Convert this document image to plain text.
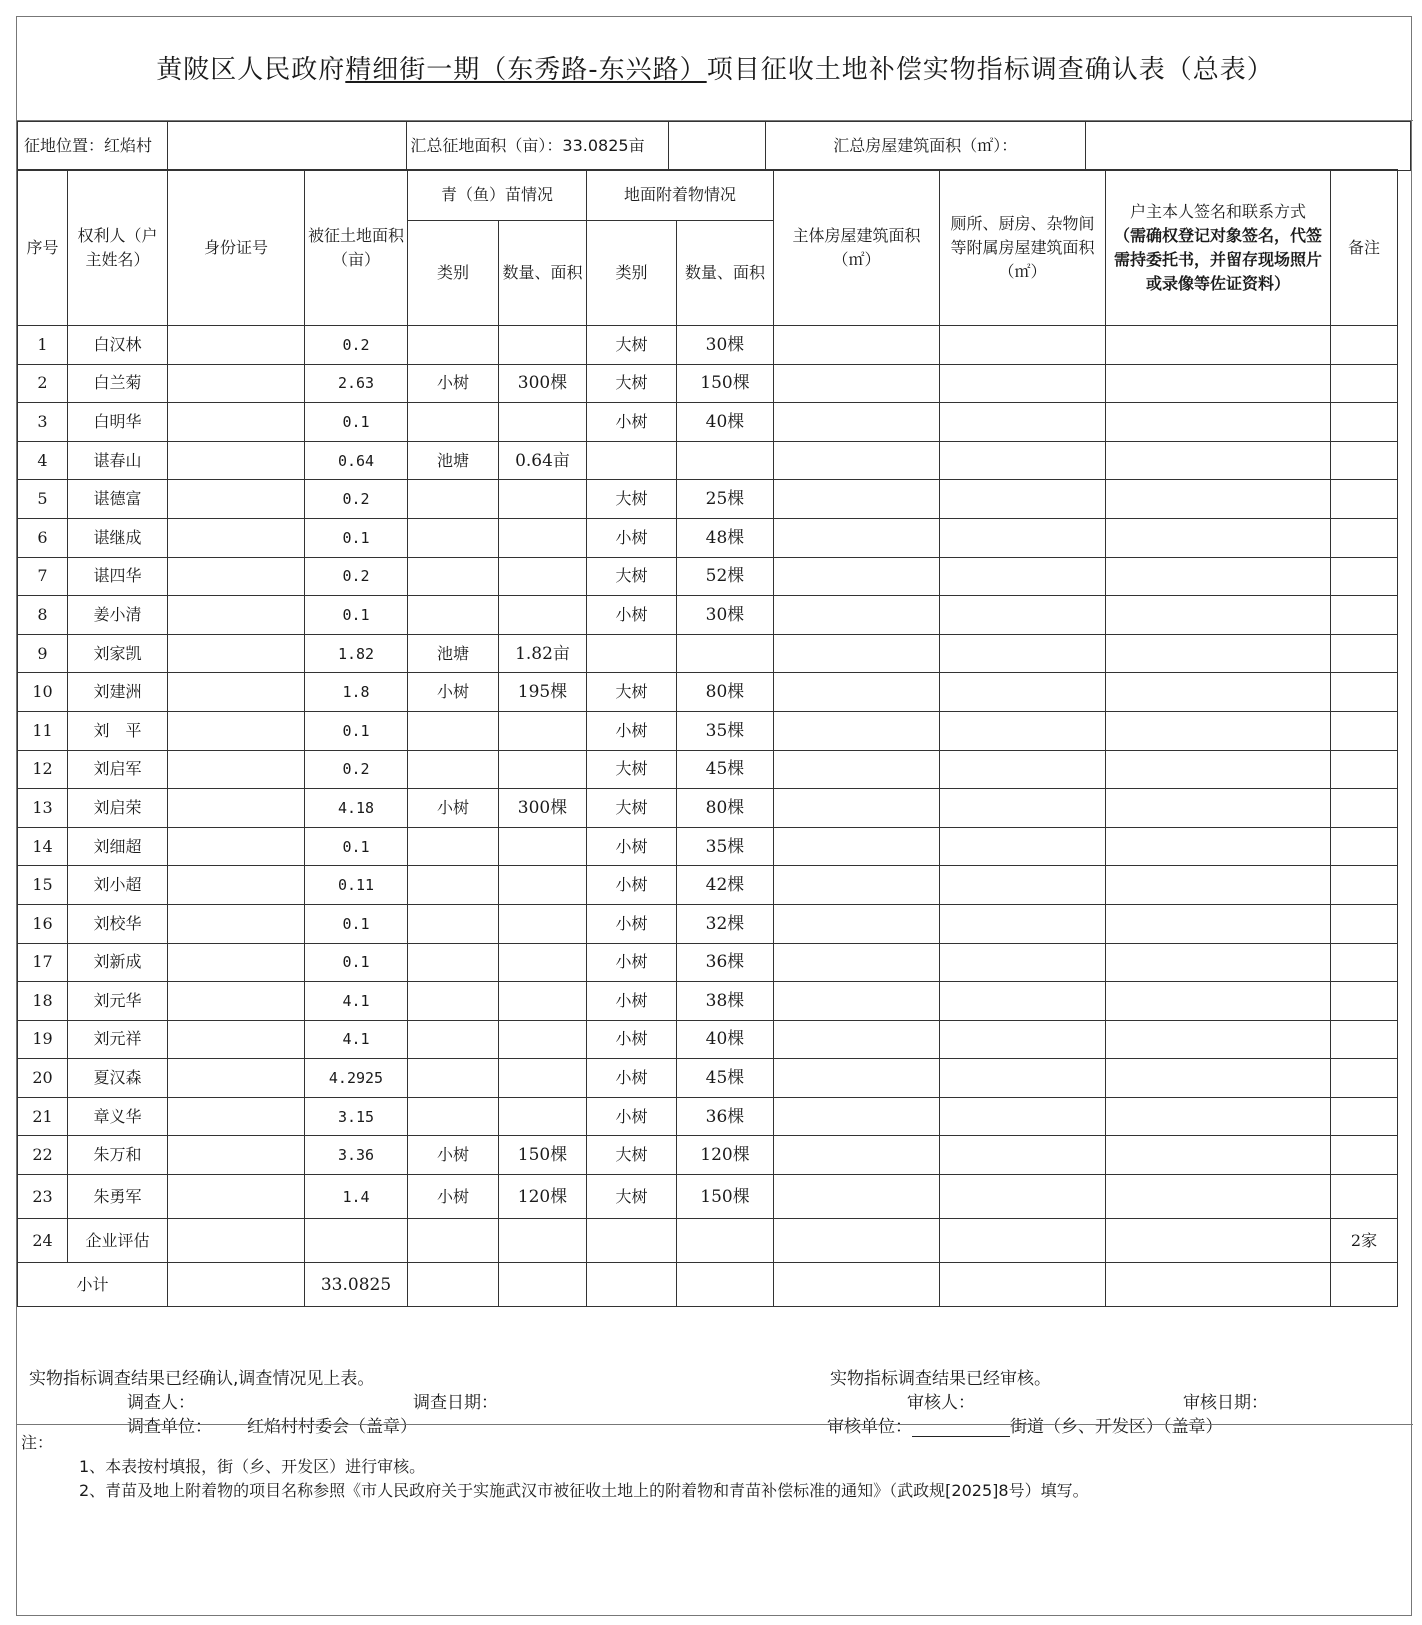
黄陂区人民政府精细街一期（东秀路-东兴路）项目征收土地补偿实物指标调查确认表（总表）
征地位置：红焰村		汇总征地面积（亩）：33.0825亩		汇总房屋建筑面积（㎡）：	
序号	权利人（户主姓名）	身份证号	被征土地面积（亩）	青（鱼）苗情况		地面附着物情况		主体房屋建筑面积（㎡）	厕所、厨房、杂物间等附属房屋建筑面积（㎡）	户主本人签名和联系方式
（需确权登记对象签名，代签需持委托书，并留存现场照片或录像等佐证资料）	备注
				类别	数量、面积	类别	数量、面积				
1	白汉林		0.2			大树	30棵				
2	白兰菊		2.63	小树	300棵	大树	150棵				
3	白明华		0.1			小树	40棵				
4	谌春山		0.64	池塘	0.64亩						
5	谌德富		0.2			大树	25棵				
6	谌继成		0.1			小树	48棵				
7	谌四华		0.2			大树	52棵				
8	姜小清		0.1			小树	30棵				
9	刘家凯		1.82	池塘	1.82亩						
10	刘建洲		1.8	小树	195棵	大树	80棵				
11	刘　平		0.1			小树	35棵				
12	刘启军		0.2			大树	45棵				
13	刘启荣		4.18	小树	300棵	大树	80棵				
14	刘细超		0.1			小树	35棵				
15	刘小超		0.11			小树	42棵				
16	刘校华		0.1			小树	32棵				
17	刘新成		0.1			小树	36棵				
18	刘元华		4.1			小树	38棵				
19	刘元祥		4.1			小树	40棵				
20	夏汉森		4.2925			小树	45棵				
21	章义华		3.15			小树	36棵				
22	朱万和		3.36	小树	150棵	大树	120棵				
23	朱勇军		1.4	小树	120棵	大树	150棵				
24	企业评估										2家
小计			33.0825								
实物指标调查结果已经确认,调查情况见上表。
调查人：	调查日期：
调查单位： 红焰村村委会（盖章）
实物指标调查结果已经审核。
审核人：	审核日期：
审核单位：	街道（乡、开发区）（盖章）
注：
1、本表按村填报，街（乡、开发区）进行审核。
2、青苗及地上附着物的项目名称参照《市人民政府关于实施武汉市被征收土地上的附着物和青苗补偿标准的通知》（武政规[2025]8号）填写。
